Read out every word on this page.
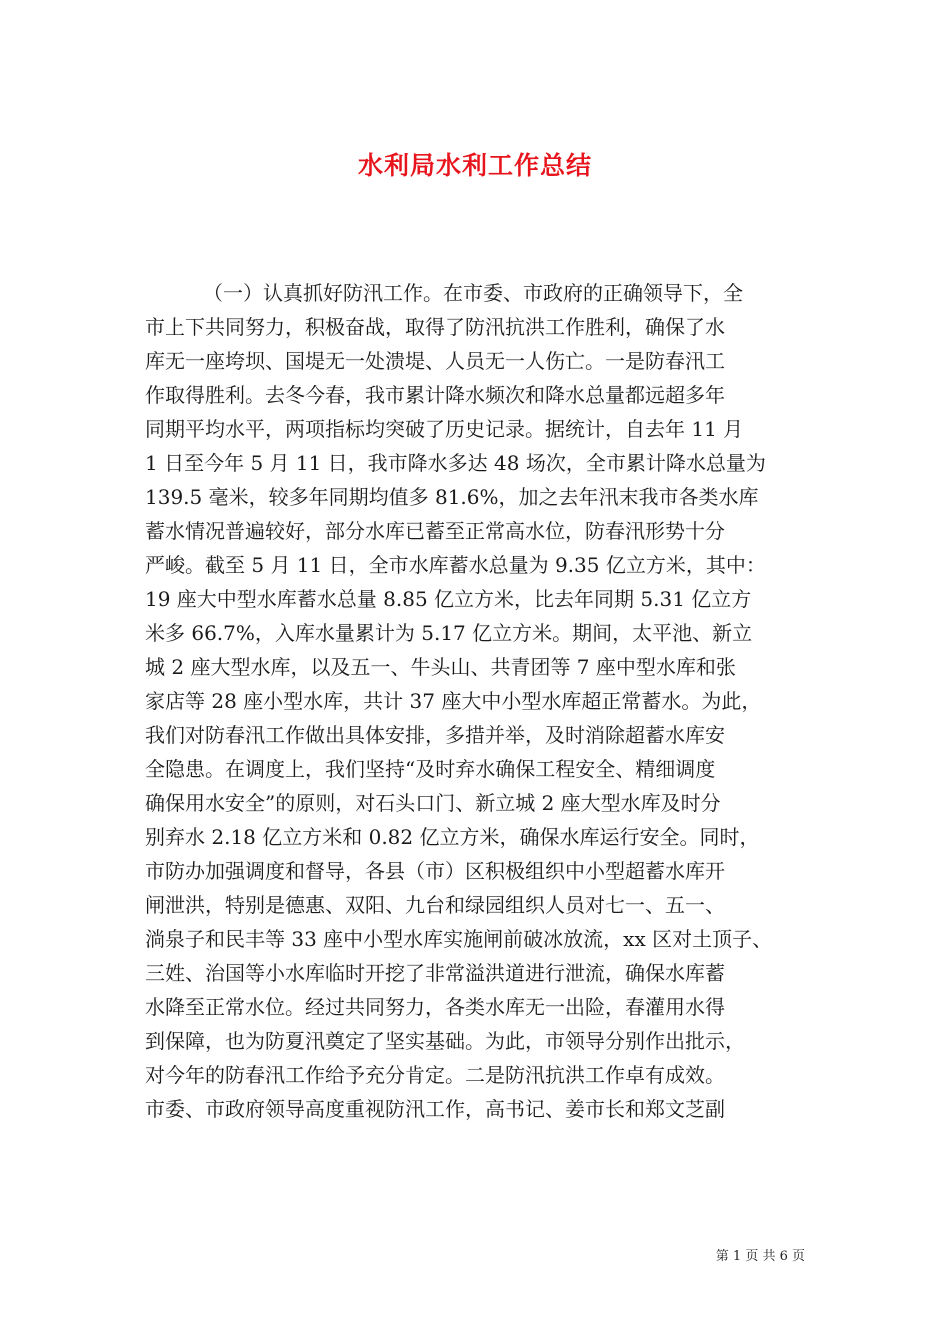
水利局水利工作总结
（一）认真抓好防汛工作。在市委、市政府的正确领导下，全
市上下共同努力，积极奋战，取得了防汛抗洪工作胜利，确保了水
库无一座垮坝、国堤无一处溃堤、人员无一人伤亡。一是防春汛工
作取得胜利。去冬今春，我市累计降水频次和降水总量都远超多年
同期平均水平，两项指标均突破了历史记录。据统计，自去年 11 月
1 日至今年 5 月 11 日，我市降水多达 48 场次，全市累计降水总量为
139.5 毫米，较多年同期均值多 81.6%，加之去年汛末我市各类水库
蓄水情况普遍较好，部分水库已蓄至正常高水位，防春汛形势十分
严峻。截至 5 月 11 日，全市水库蓄水总量为 9.35 亿立方米，其中：
19 座大中型水库蓄水总量 8.85 亿立方米，比去年同期 5.31 亿立方
米多 66.7%，入库水量累计为 5.17 亿立方米。期间，太平池、新立
城 2 座大型水库，以及五一、牛头山、共青团等 7 座中型水库和张
家店等 28 座小型水库，共计 37 座大中小型水库超正常蓄水。为此，
我们对防春汛工作做出具体安排，多措并举，及时消除超蓄水库安
全隐患。在调度上，我们坚持“及时弃水确保工程安全、精细调度
确保用水安全”的原则，对石头口门、新立城 2 座大型水库及时分
别弃水 2.18 亿立方米和 0.82 亿立方米，确保水库运行安全。同时，
市防办加强调度和督导，各县（市）区积极组织中小型超蓄水库开
闸泄洪，特别是德惠、双阳、九台和绿园组织人员对七一、五一、
淌泉子和民丰等 33 座中小型水库实施闸前破冰放流，xx 区对土顶子、
三姓、治国等小水库临时开挖了非常溢洪道进行泄流，确保水库蓄
水降至正常水位。经过共同努力，各类水库无一出险，春灌用水得
到保障，也为防夏汛奠定了坚实基础。为此，市领导分别作出批示，
对今年的防春汛工作给予充分肯定。二是防汛抗洪工作卓有成效。
市委、市政府领导高度重视防汛工作，高书记、姜市长和郑文芝副
第 1 页 共 6 页
